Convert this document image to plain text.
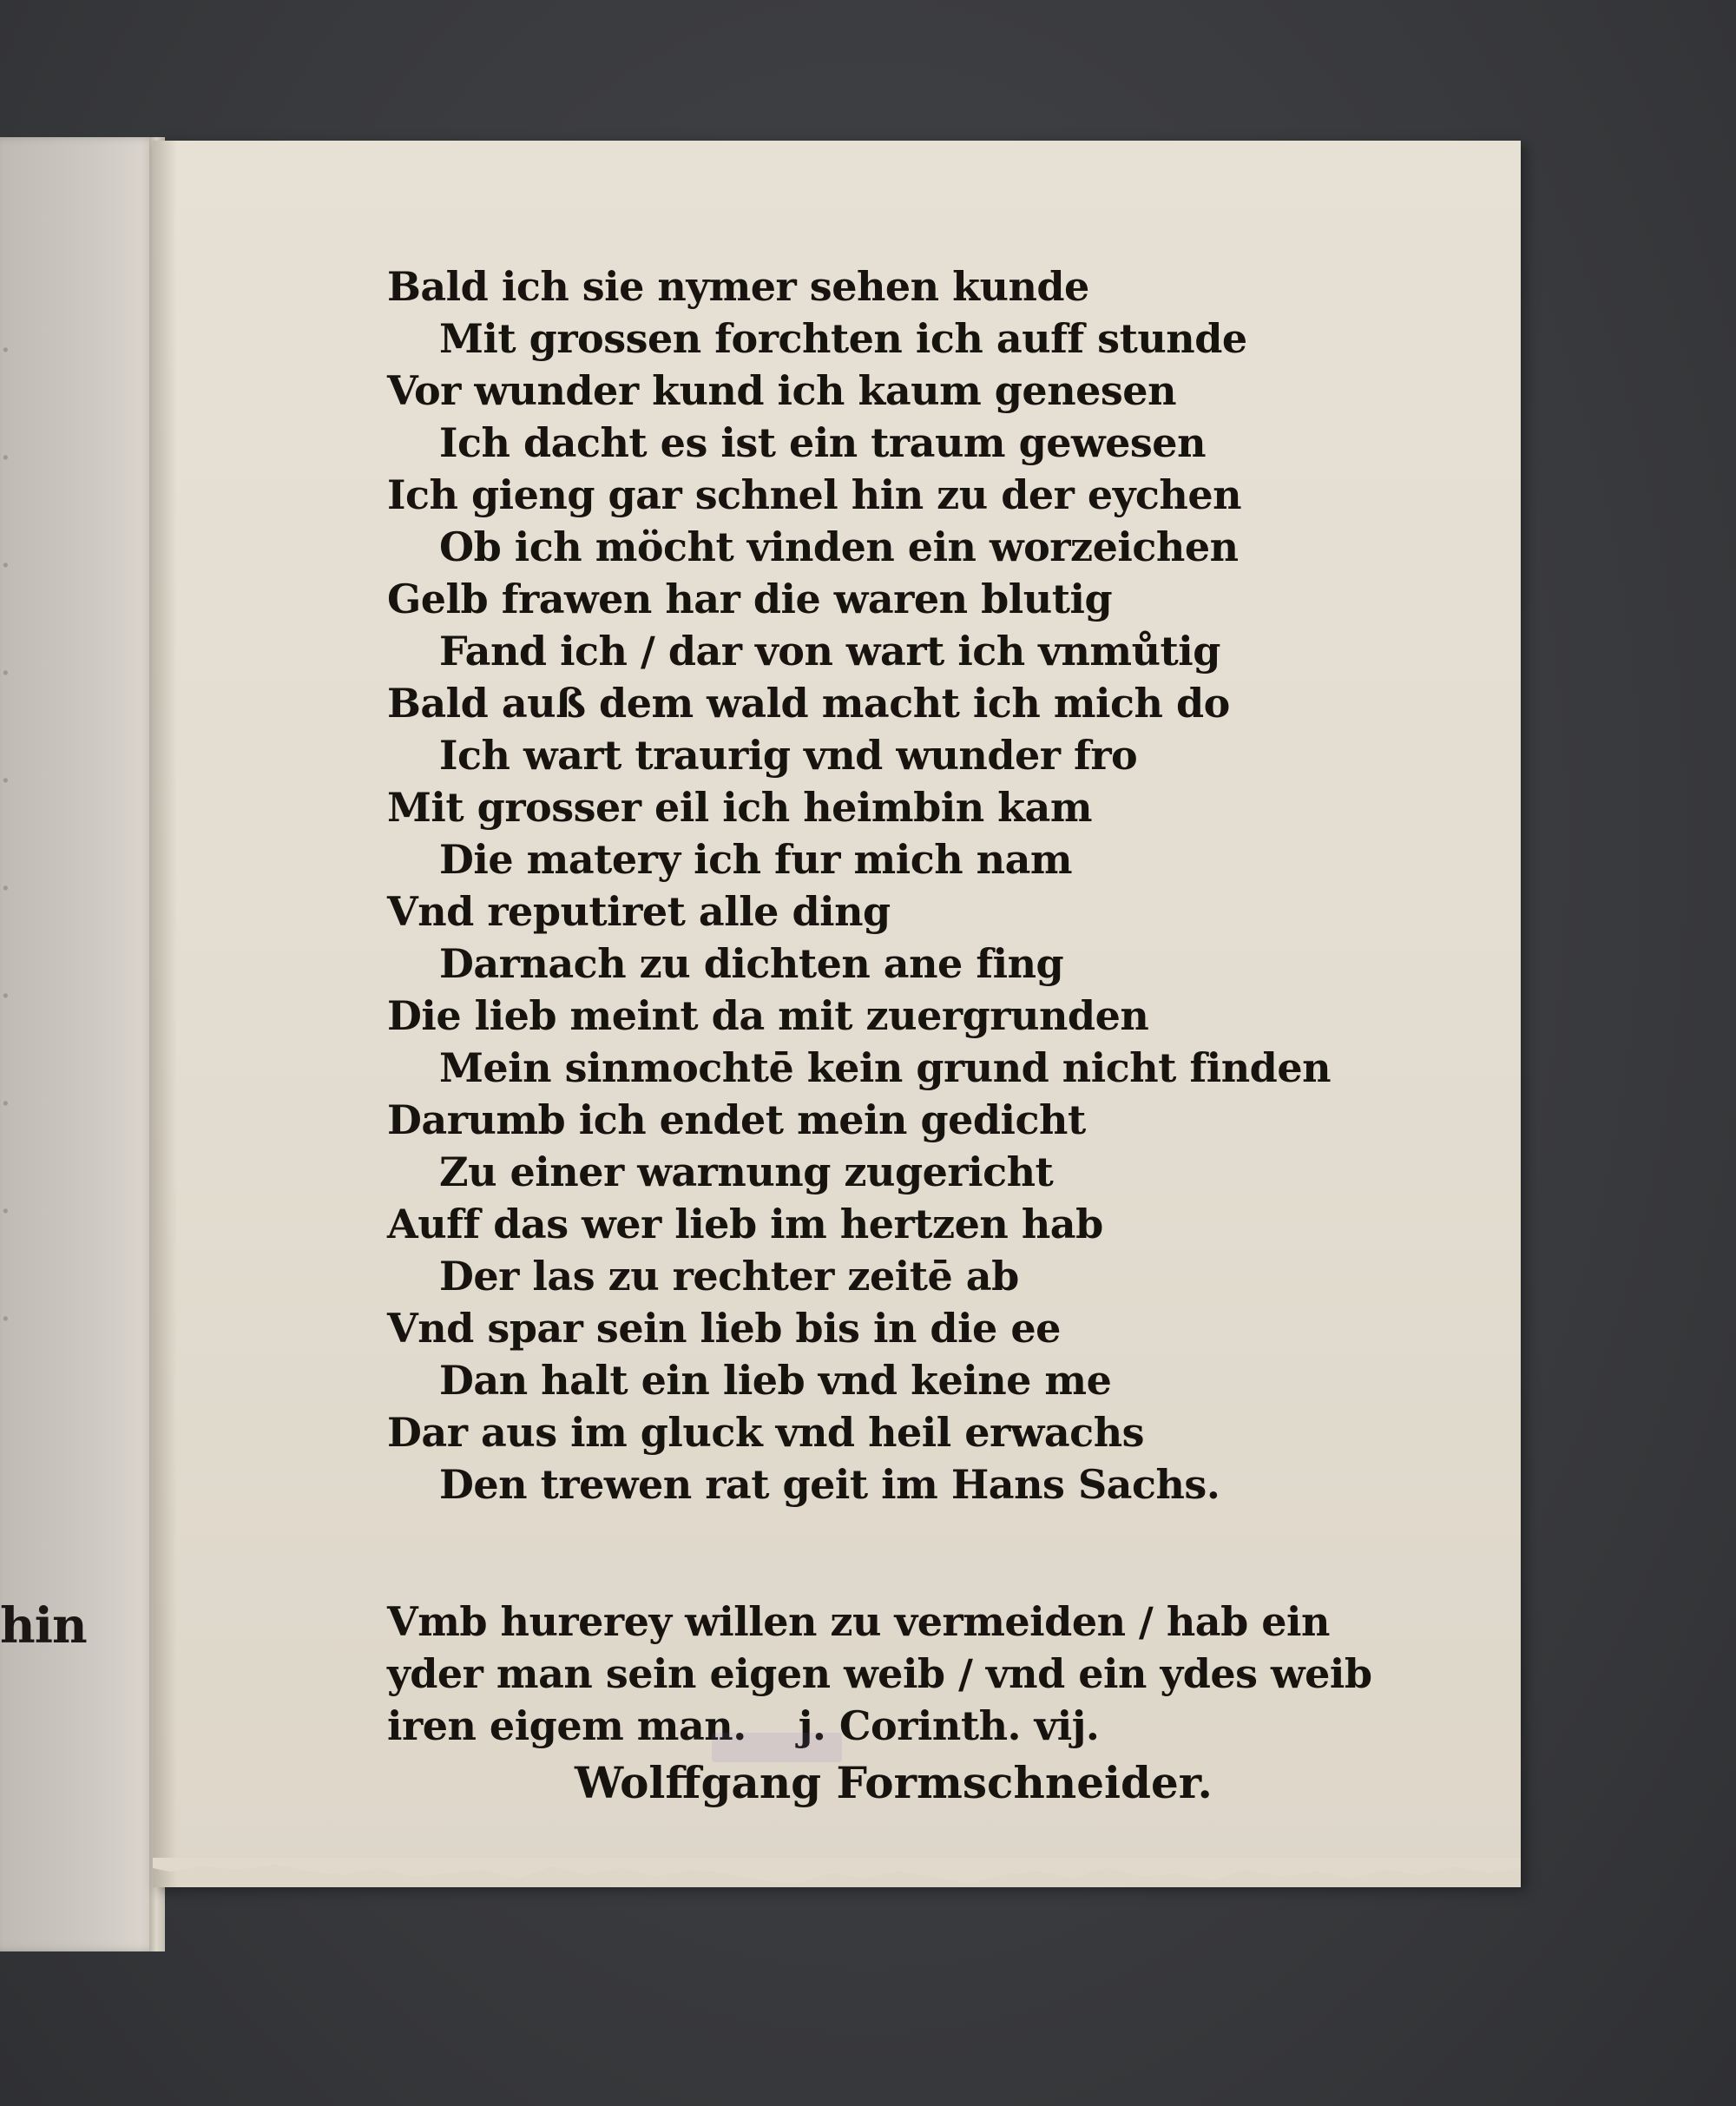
.
.
.
.
.
.
.
.
.
.
hin
Bald ich sie nymer sehen kunde
Mit grossen forchten ich auff stunde
Vor wunder kund ich kaum genesen
Ich dacht es ist ein traum gewesen
Ich gieng gar schnel hin zu der eychen
Ob ich möcht vinden ein worzeichen
Gelb frawen har die waren blutig
Fand ich / dar von wart ich vnmůtig
Bald auß dem wald macht ich mich do
Ich wart traurig vnd wunder fro
Mit grosser eil ich heimbin kam
Die matery ich fur mich nam
Vnd reputiret alle ding
Darnach zu dichten ane fing
Die lieb meint da mit zuergrunden
Mein sinmochtē kein grund nicht finden
Darumb ich endet mein gedicht
Zu einer warnung zugericht
Auff das wer lieb im hertzen hab
Der las zu rechter zeitē ab
Vnd spar sein lieb bis in die ee
Dan halt ein lieb vnd keine me
Dar aus im gluck vnd heil erwachs
Den trewen rat geit im Hans Sachs.
Vmb hurerey willen zu vermeiden / hab ein
yder man sein eigen weib / vnd ein ydes weib
iren eigem man. j. Corinth. vij.
Wolffgang Formschneider.
